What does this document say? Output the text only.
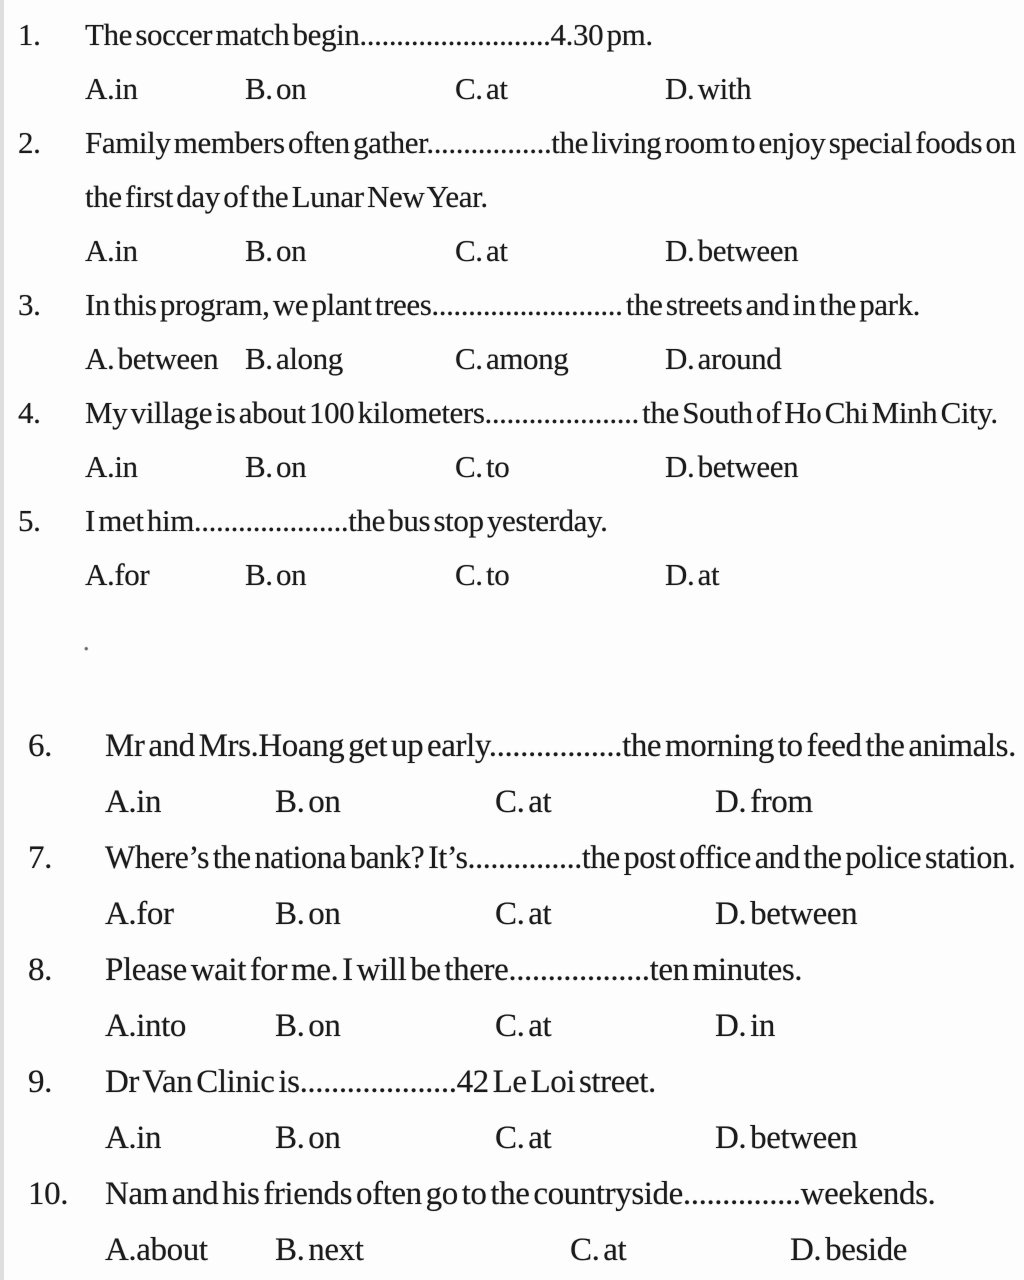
1.	The soccer match begin..........................4.30 pm.
A.in	B. on	C. at	D. with
2.	Family members often gather.................the living room to enjoy special foods on
the first day of the Lunar New Year.
A.in	B. on	C. at	D. between
3.	In this program, we plant trees.......................... the streets and in the park.
A. between B. along	C. among	D. around
4.	My village is about 100 kilometers..................... the South of Ho Chi Minh City.
A.in	B. on	C. to	D. between
5.	I met him.....................the bus stop yesterday.
A.for	B. on	C. to	D. at
.
6.	Mr and Mrs.Hoang get up early.................the morning to feed the animals.
A.in	B. on	C. at	D. from
7.	Where’s the nationa bank? It’s...............the post office and the police station.
A.for	B. on	C. at	D. between
8.	Please wait for me. I will be there..................ten minutes.
A.into	B. on	C. at	D. in
9.	Dr Van Clinic is....................42 Le Loi street.
A.in	B. on	C. at	D. between
10.	Nam and his friends often go to the countryside...............weekends.
A.about	B. next	C. at	D. beside
